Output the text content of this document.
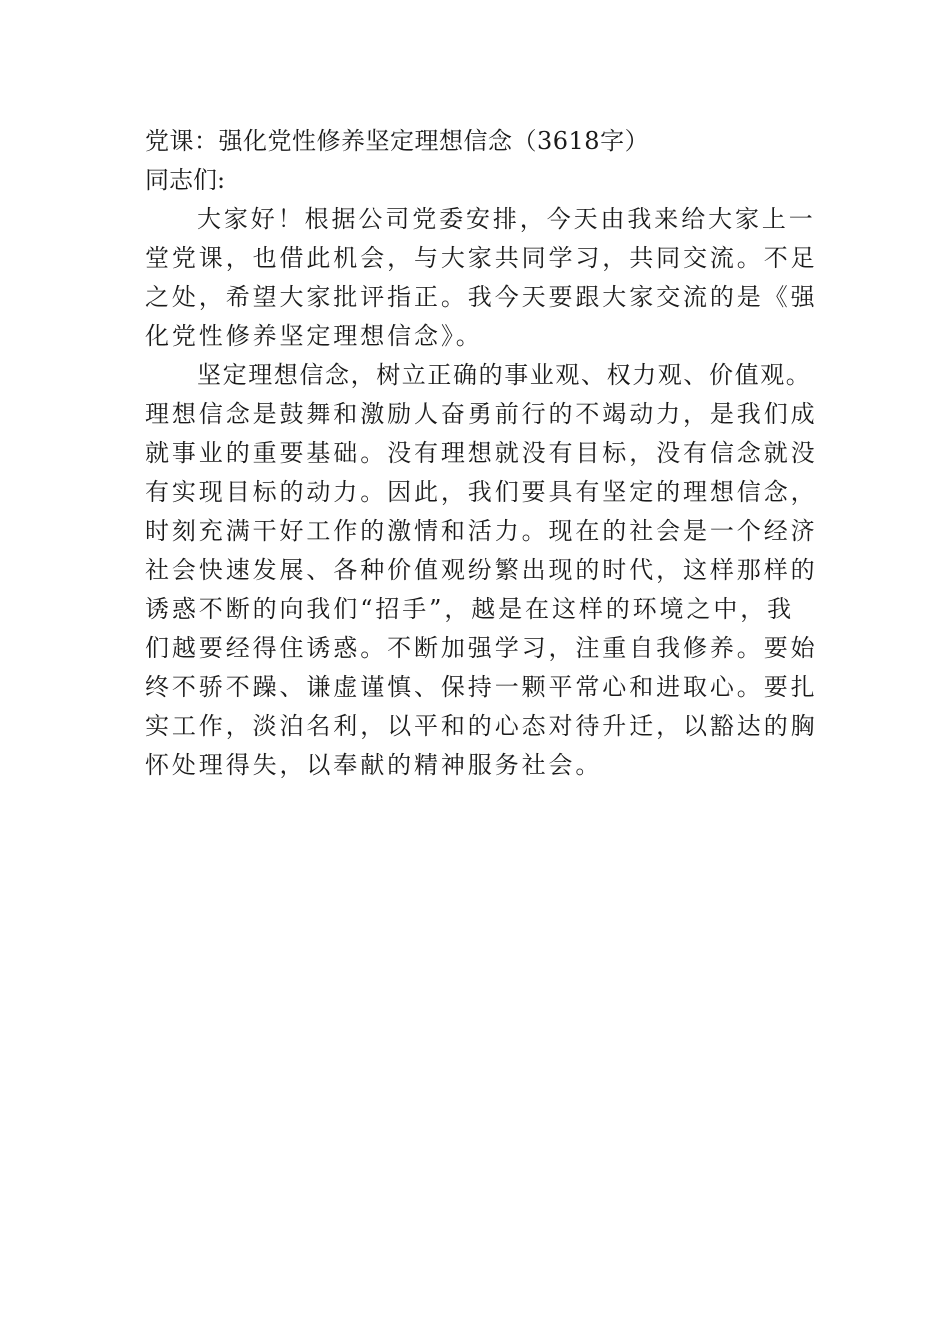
党课：强化党性修养坚定理想信念（3618字）
同志们:
大家好！根据公司党委安排，今天由我来给大家上一
堂党课，也借此机会，与大家共同学习，共同交流。不足
之处，希望大家批评指正。我今天要跟大家交流的是《强
化党性修养坚定理想信念》。
坚定理想信念，树立正确的事业观、权力观、价值观。
理想信念是鼓舞和激励人奋勇前行的不竭动力，是我们成
就事业的重要基础。没有理想就没有目标，没有信念就没
有实现目标的动力。因此，我们要具有坚定的理想信念，
时刻充满干好工作的激情和活力。现在的社会是一个经济
社会快速发展、各种价值观纷繁出现的时代，这样那样的
诱惑不断的向我们“招手”，越是在这样的环境之中，我
们越要经得住诱惑。不断加强学习，注重自我修养。要始
终不骄不躁、谦虚谨慎、保持一颗平常心和进取心。要扎
实工作，淡泊名利，以平和的心态对待升迁，以豁达的胸
怀处理得失，以奉献的精神服务社会。
